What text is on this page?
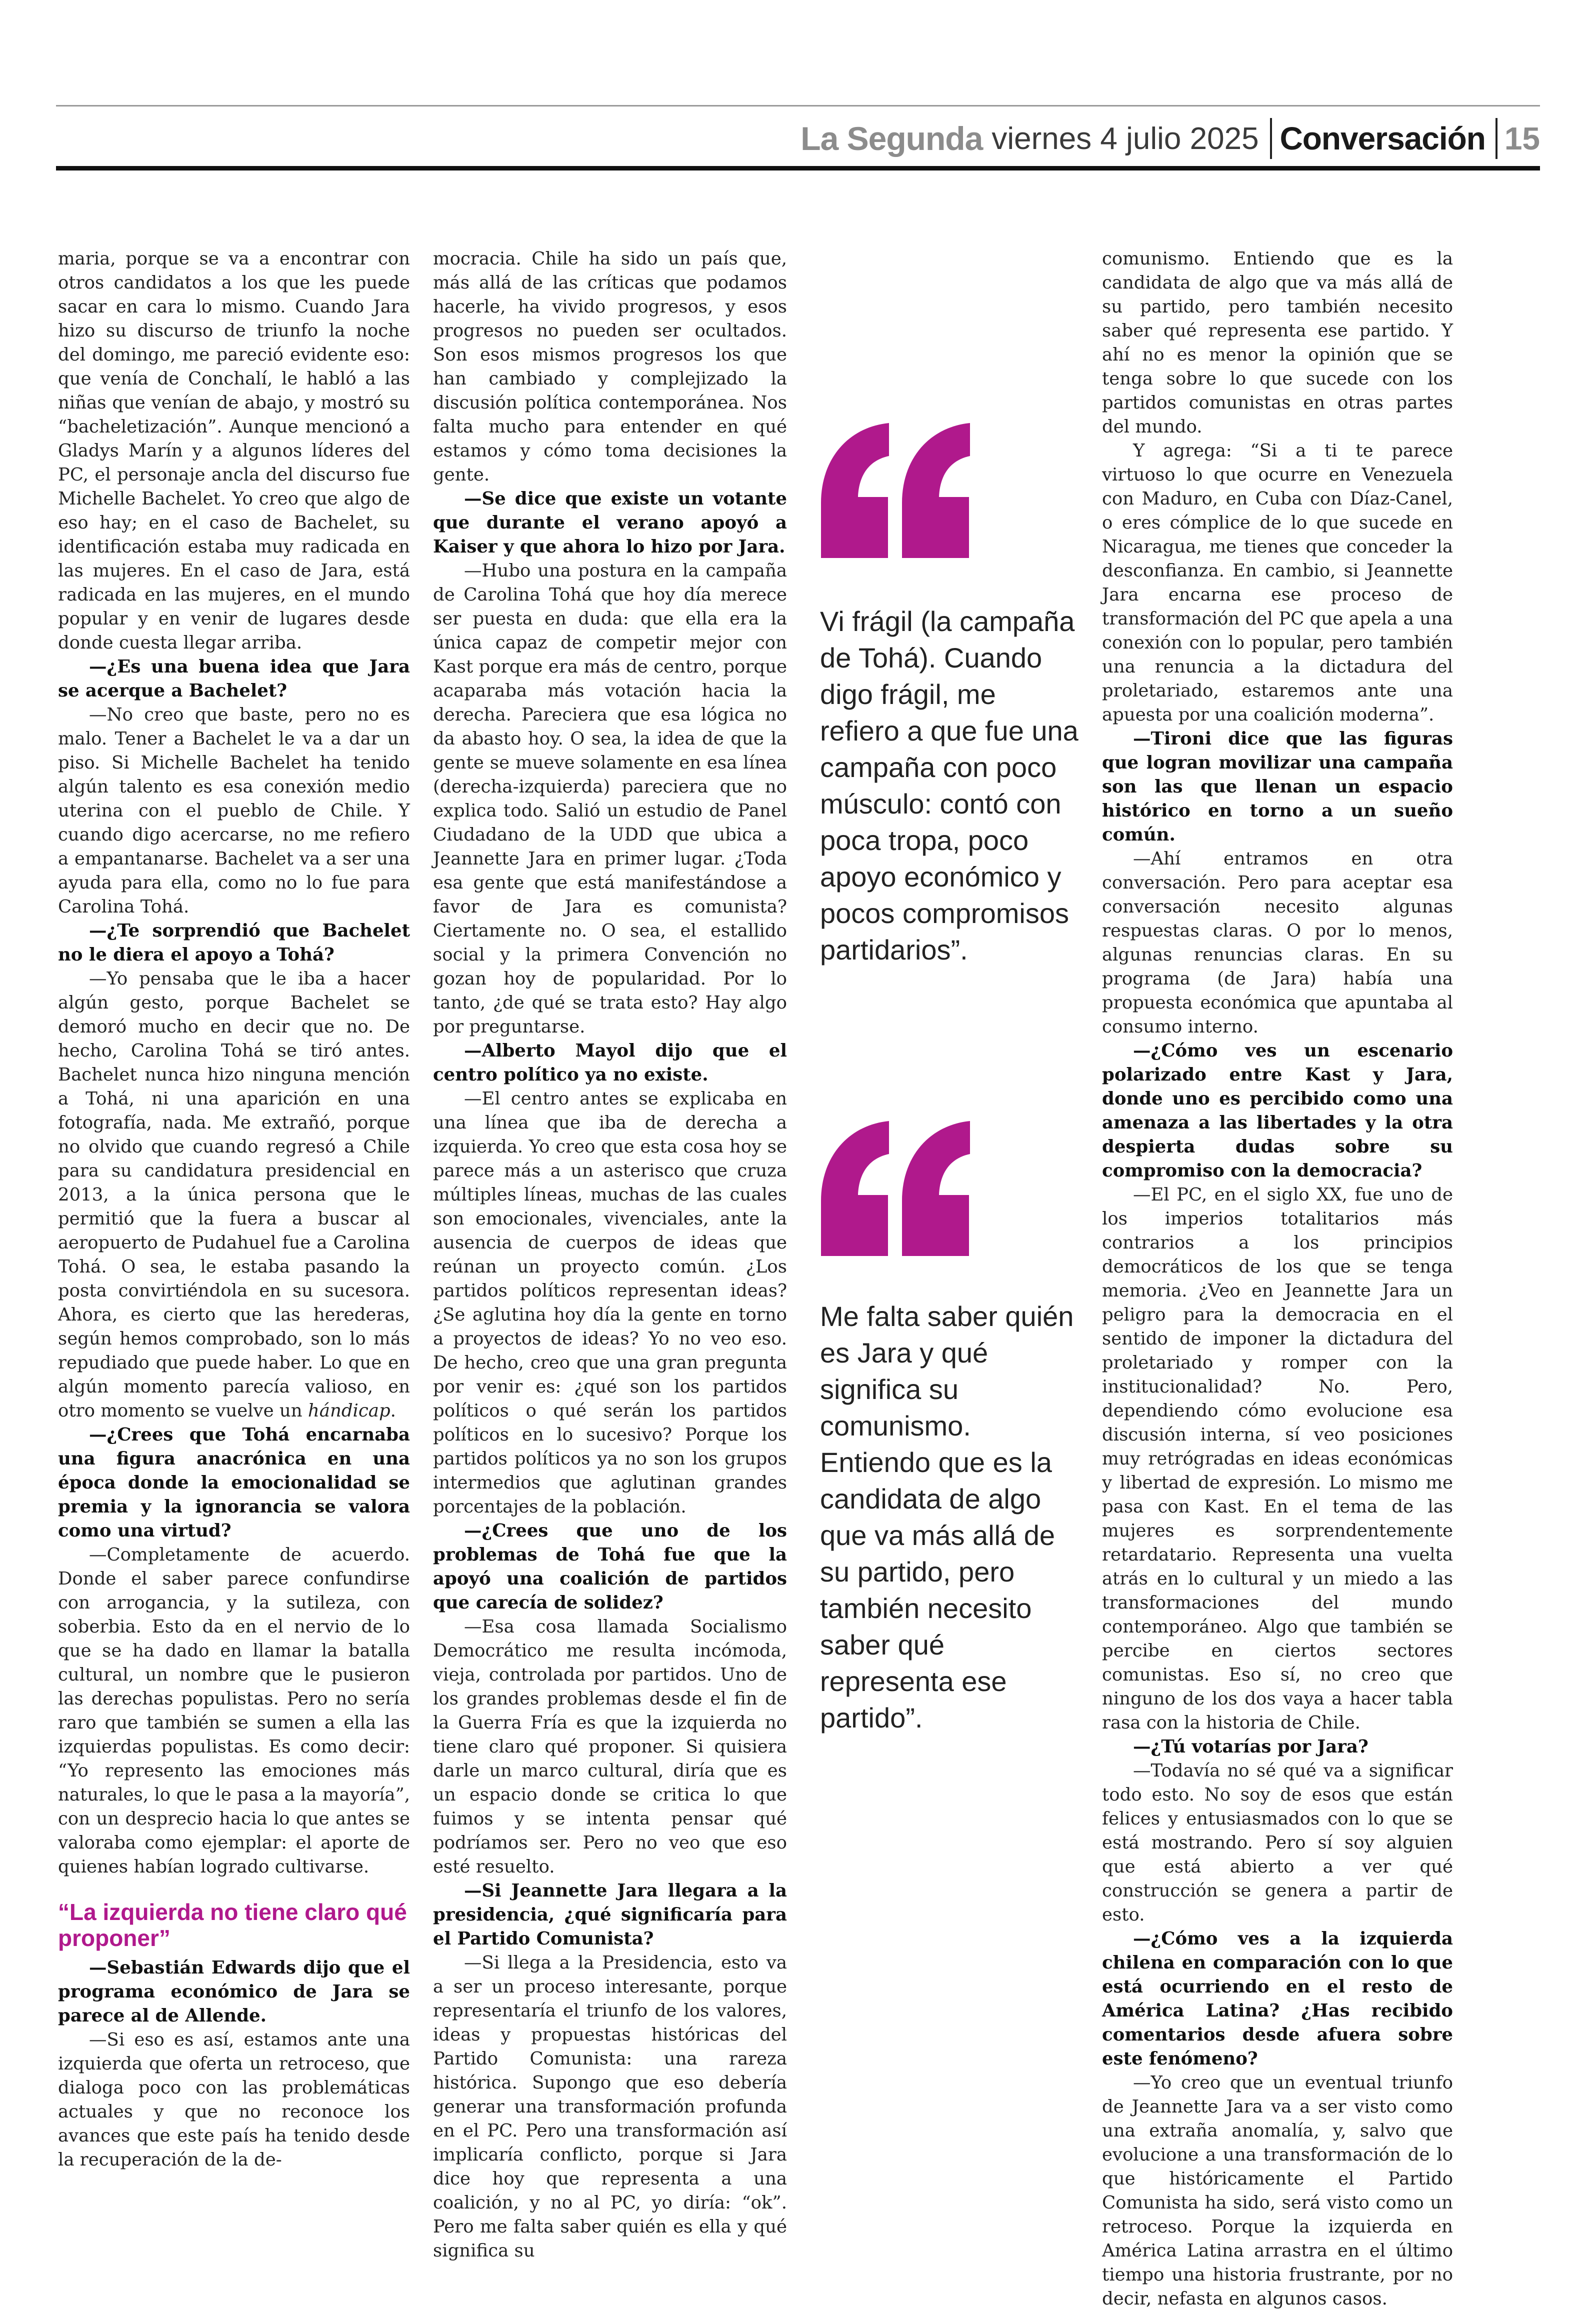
La Segunda viernes 4 julio 2025 Conversación 15

maria, porque se va a encontrar con otros candidatos a los que les puede sacar en cara lo mismo. Cuando Jara hizo su discurso de triunfo la noche del domingo, me pareció evidente eso: que venía de Conchalí, le habló a las niñas que venían de abajo, y mostró su “bacheletización”. Aunque mencionó a Gladys Marín y a algunos líderes del PC, el personaje ancla del discurso fue Michelle Bachelet. Yo creo que algo de eso hay; en el caso de Bachelet, su identificación estaba muy radicada en las mujeres. En el caso de Jara, está radicada en las mujeres, en el mundo popular y en venir de lugares desde donde cuesta llegar arriba.

—¿Es una buena idea que Jara se acerque a Bachelet?

—No creo que baste, pero no es malo. Tener a Bachelet le va a dar un piso. Si Michelle Bachelet ha tenido algún talento es esa conexión medio uterina con el pueblo de Chile. Y cuando digo acercarse, no me refiero a empantanarse. Bachelet va a ser una ayuda para ella, como no lo fue para Carolina Tohá.

—¿Te sorprendió que Bachelet no le diera el apoyo a Tohá?

—Yo pensaba que le iba a hacer algún gesto, porque Bachelet se demoró mucho en decir que no. De hecho, Carolina Tohá se tiró antes. Bachelet nunca hizo ninguna mención a Tohá, ni una aparición en una fotografía, nada. Me extrañó, porque no olvido que cuando regresó a Chile para su candidatura presidencial en 2013, a la única persona que le permitió que la fuera a buscar al aeropuerto de Pudahuel fue a Carolina Tohá. O sea, le estaba pasando la posta convirtiéndola en su sucesora. Ahora, es cierto que las herederas, según hemos comprobado, son lo más repudiado que puede haber. Lo que en algún momento parecía valioso, en otro momento se vuelve un hándicap.

—¿Crees que Tohá encarnaba una figura anacrónica en una época donde la emocionalidad se premia y la ignorancia se valora como una virtud?

—Completamente de acuerdo. Donde el saber parece confundirse con arrogancia, y la sutileza, con soberbia. Esto da en el nervio de lo que se ha dado en llamar la batalla cultural, un nombre que le pusieron las derechas populistas. Pero no sería raro que también se sumen a ella las izquierdas populistas. Es como decir: “Yo represento las emociones más naturales, lo que le pasa a la mayoría”, con un desprecio hacia lo que antes se valoraba como ejemplar: el aporte de quienes habían logrado cultivarse.

“La izquierda no tiene claro qué proponer”

—Sebastián Edwards dijo que el programa económico de Jara se parece al de Allende.

—Si eso es así, estamos ante una izquierda que oferta un retroceso, que dialoga poco con las problemáticas actuales y que no reconoce los avances que este país ha tenido desde la recuperación de la de-

mocracia. Chile ha sido un país que, más allá de las críticas que podamos hacerle, ha vivido progresos, y esos progresos no pueden ser ocultados. Son esos mismos progresos los que han cambiado y complejizado la discusión política contemporánea. Nos falta mucho para entender en qué estamos y cómo toma decisiones la gente.

—Se dice que existe un votante que durante el verano apoyó a Kaiser y que ahora lo hizo por Jara.

—Hubo una postura en la campaña de Carolina Tohá que hoy día merece ser puesta en duda: que ella era la única capaz de competir mejor con Kast porque era más de centro, porque acaparaba más votación hacia la derecha. Pareciera que esa lógica no da abasto hoy. O sea, la idea de que la gente se mueve solamente en esa línea (derecha-izquierda) pareciera que no explica todo. Salió un estudio de Panel Ciudadano de la UDD que ubica a Jeannette Jara en primer lugar. ¿Toda esa gente que está manifestándose a favor de Jara es comunista? Ciertamente no. O sea, el estallido social y la primera Convención no gozan hoy de popularidad. Por lo tanto, ¿de qué se trata esto? Hay algo por preguntarse.

—Alberto Mayol dijo que el centro político ya no existe.

—El centro antes se explicaba en una línea que iba de derecha a izquierda. Yo creo que esta cosa hoy se parece más a un asterisco que cruza múltiples líneas, muchas de las cuales son emocionales, vivenciales, ante la ausencia de cuerpos de ideas que reúnan un proyecto común. ¿Los partidos políticos representan ideas? ¿Se aglutina hoy día la gente en torno a proyectos de ideas? Yo no veo eso. De hecho, creo que una gran pregunta por venir es: ¿qué son los partidos políticos o qué serán los partidos políticos en lo sucesivo? Porque los partidos políticos ya no son los grupos intermedios que aglutinan grandes porcentajes de la población.

—¿Crees que uno de los problemas de Tohá fue que la apoyó una coalición de partidos que carecía de solidez?

—Esa cosa llamada Socialismo Democrático me resulta incómoda, vieja, controlada por partidos. Uno de los grandes problemas desde el fin de la Guerra Fría es que la izquierda no tiene claro qué proponer. Si quisiera darle un marco cultural, diría que es un espacio donde se critica lo que fuimos y se intenta pensar qué podríamos ser. Pero no veo que eso esté resuelto.

—Si Jeannette Jara llegara a la presidencia, ¿qué significaría para el Partido Comunista?

—Si llega a la Presidencia, esto va a ser un proceso interesante, porque representaría el triunfo de los valores, ideas y propuestas históricas del Partido Comunista: una rareza histórica. Supongo que eso debería generar una transformación profunda en el PC. Pero una transformación así implicaría conflicto, porque si Jara dice hoy que representa a una coalición, y no al PC, yo diría: “ok”. Pero me falta saber quién es ella y qué significa su

Vi frágil (la campaña de Tohá). Cuando digo frágil, me refiero a que fue una campaña con poco músculo: contó con poca tropa, poco apoyo económico y pocos compromisos partidarios”.
Me falta saber quién es Jara y qué significa su comunismo. Entiendo que es la candidata de algo que va más allá de su partido, pero también necesito saber qué representa ese partido”.

comunismo. Entiendo que es la candidata de algo que va más allá de su partido, pero también necesito saber qué representa ese partido. Y ahí no es menor la opinión que se tenga sobre lo que sucede con los partidos comunistas en otras partes del mundo.

Y agrega: “Si a ti te parece virtuoso lo que ocurre en Venezuela con Maduro, en Cuba con Díaz-Canel, o eres cómplice de lo que sucede en Nicaragua, me tienes que conceder la desconfianza. En cambio, si Jeannette Jara encarna ese proceso de transformación del PC que apela a una conexión con lo popular, pero también una renuncia a la dictadura del proletariado, estaremos ante una apuesta por una coalición moderna”.

—Tironi dice que las figuras que logran movilizar una campaña son las que llenan un espacio histórico en torno a un sueño común.

—Ahí entramos en otra conversación. Pero para aceptar esa conversación necesito algunas respuestas claras. O por lo menos, algunas renuncias claras. En su programa (de Jara) había una propuesta económica que apuntaba al consumo interno.

—¿Cómo ves un escenario polarizado entre Kast y Jara, donde uno es percibido como una amenaza a las libertades y la otra despierta dudas sobre su compromiso con la democracia?

—El PC, en el siglo XX, fue uno de los imperios totalitarios más contrarios a los principios democráticos de los que se tenga memoria. ¿Veo en Jeannette Jara un peligro para la democracia en el sentido de imponer la dictadura del proletariado y romper con la institucionalidad? No. Pero, dependiendo cómo evolucione esa discusión interna, sí veo posiciones muy retrógradas en ideas económicas y libertad de expresión. Lo mismo me pasa con Kast. En el tema de las mujeres es sorprendentemente retardatario. Representa una vuelta atrás en lo cultural y un miedo a las transformaciones del mundo contemporáneo. Algo que también se percibe en ciertos sectores comunistas. Eso sí, no creo que ninguno de los dos vaya a hacer tabla rasa con la historia de Chile.

—¿Tú votarías por Jara?

—Todavía no sé qué va a significar todo esto. No soy de esos que están felices y entusiasmados con lo que se está mostrando. Pero sí soy alguien que está abierto a ver qué construcción se genera a partir de esto.

—¿Cómo ves a la izquierda chilena en comparación con lo que está ocurriendo en el resto de América Latina? ¿Has recibido comentarios desde afuera sobre este fenómeno?

—Yo creo que un eventual triunfo de Jeannette Jara va a ser visto como una extraña anomalía, y, salvo que evolucione a una transformación de lo que históricamente el Partido Comunista ha sido, será visto como un retroceso. Porque la izquierda en América Latina arrastra en el último tiempo una historia frustrante, por no decir, nefasta en algunos casos.
